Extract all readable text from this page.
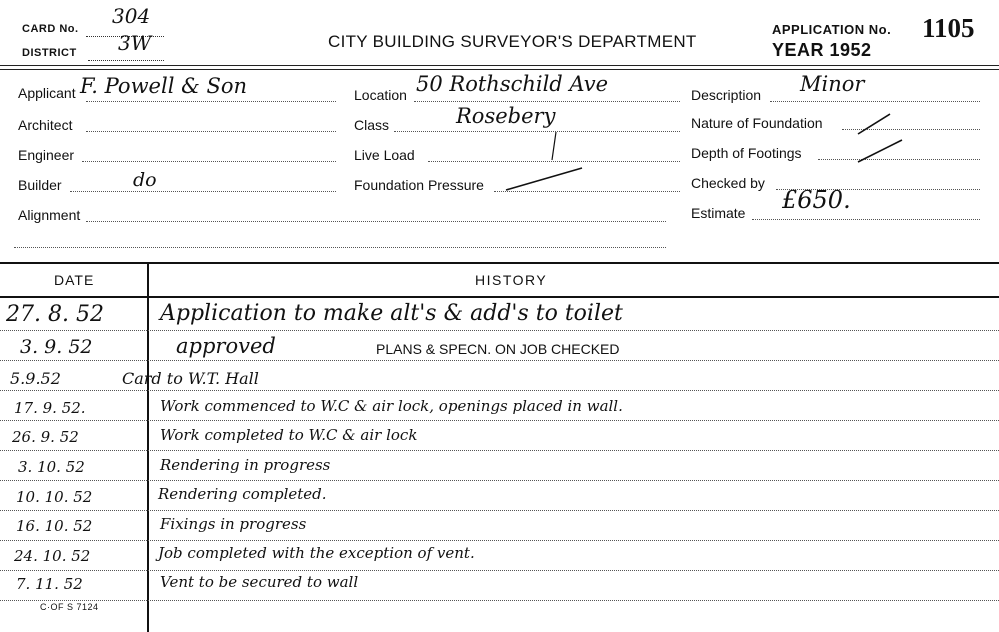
CARD No.
304
DISTRICT 3W	CITY BUILDING SURVEYOR'S DEPARTMENT
APPLICATION No. 1105
YEAR 1952
Applicant F. Powell & Son
Architect
Engineer
Builder	do
Alignment
Location 50 Rothschild Ave
Class	Rosebery
Live Load
Foundation Pressure
Description Minor
Nature of Foundation
Depth of Footings
Checked by
Estimate £650.
DATE	HISTORY
27. 8. 52	Application to make alt's & add's to toilet
3. 9. 52	approved	PLANS & SPECN. ON JOB CHECKED
5.9.52	Card to W.T. Hall
17. 9. 52.	Work commenced to W.C & air lock, openings placed in wall.
26. 9. 52	Work completed to W.C & air lock
3. 10. 52	Rendering in progress
10. 10. 52	Rendering completed.
16. 10. 52	Fixings in progress
24. 10. 52	Job completed with the exception of vent.
7. 11. 52	Vent to be secured to wall
C·OF S 7124
